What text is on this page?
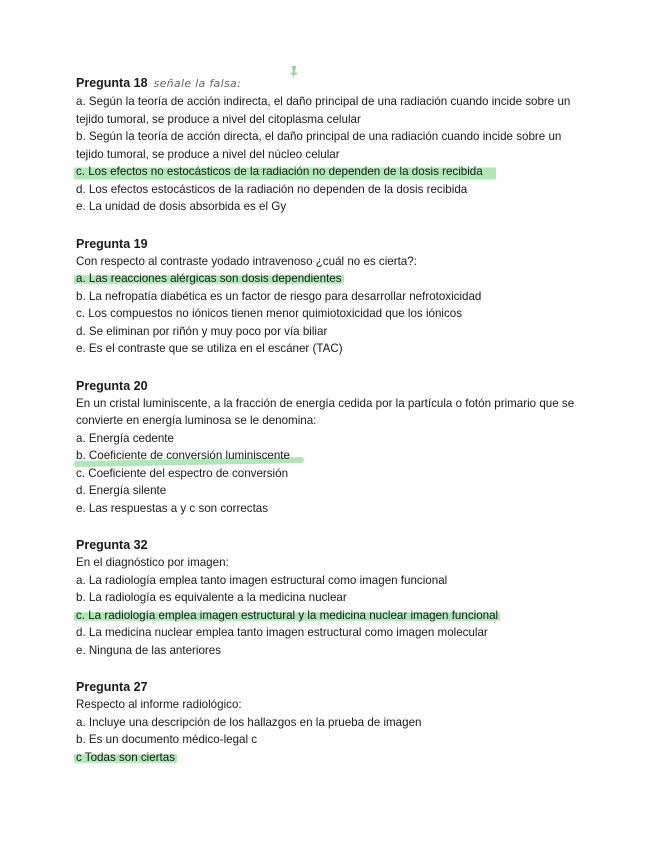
Pregunta 18 señale la falsa:
a. Según la teoría de acción indirecta, el daño principal de una radiación cuando incide sobre un tejido tumoral, se produce a nivel del citoplasma celular
b. Según la teoría de acción directa, el daño principal de una radiación cuando incide sobre un tejido tumoral, se produce a nivel del núcleo celular
c. Los efectos no estocásticos de la radiación no dependen de la dosis recibida
d. Los efectos estocásticos de la radiación no dependen de la dosis recibida
e. La unidad de dosis absorbida es el Gy
Pregunta 19
Con respecto al contraste yodado intravenoso ¿cuál no es cierta?:
a. Las reacciones alérgicas son dosis dependientes
b. La nefropatía diabética es un factor de riesgo para desarrollar nefrotoxicidad
c. Los compuestos no iónicos tienen menor quimiotoxicidad que los iónicos
d. Se eliminan por riñón y muy poco por vía biliar
e. Es el contraste que se utiliza en el escáner (TAC)
Pregunta 20
En un cristal luminiscente, a la fracción de energía cedida por la partícula o fotón primario que se convierte en energía luminosa se le denomina:
a. Energía cedente
b. Coeficiente de conversión luminiscente
c. Coeficiente del espectro de conversión
d. Energía silente
e. Las respuestas a y c son correctas
Pregunta 32
En el diagnóstico por imagen:
a. La radiología emplea tanto imagen estructural como imagen funcional
b. La radiología es equivalente a la medicina nuclear
c. La radiología emplea imagen estructural y la medicina nuclear imagen funcional
d. La medicina nuclear emplea tanto imagen estructural como imagen molecular
e. Ninguna de las anteriores
Pregunta 27
Respecto al informe radiológico:
a. Incluye una descripción de los hallazgos en la prueba de imagen
b. Es un documento médico-legal c
c Todas son ciertas
